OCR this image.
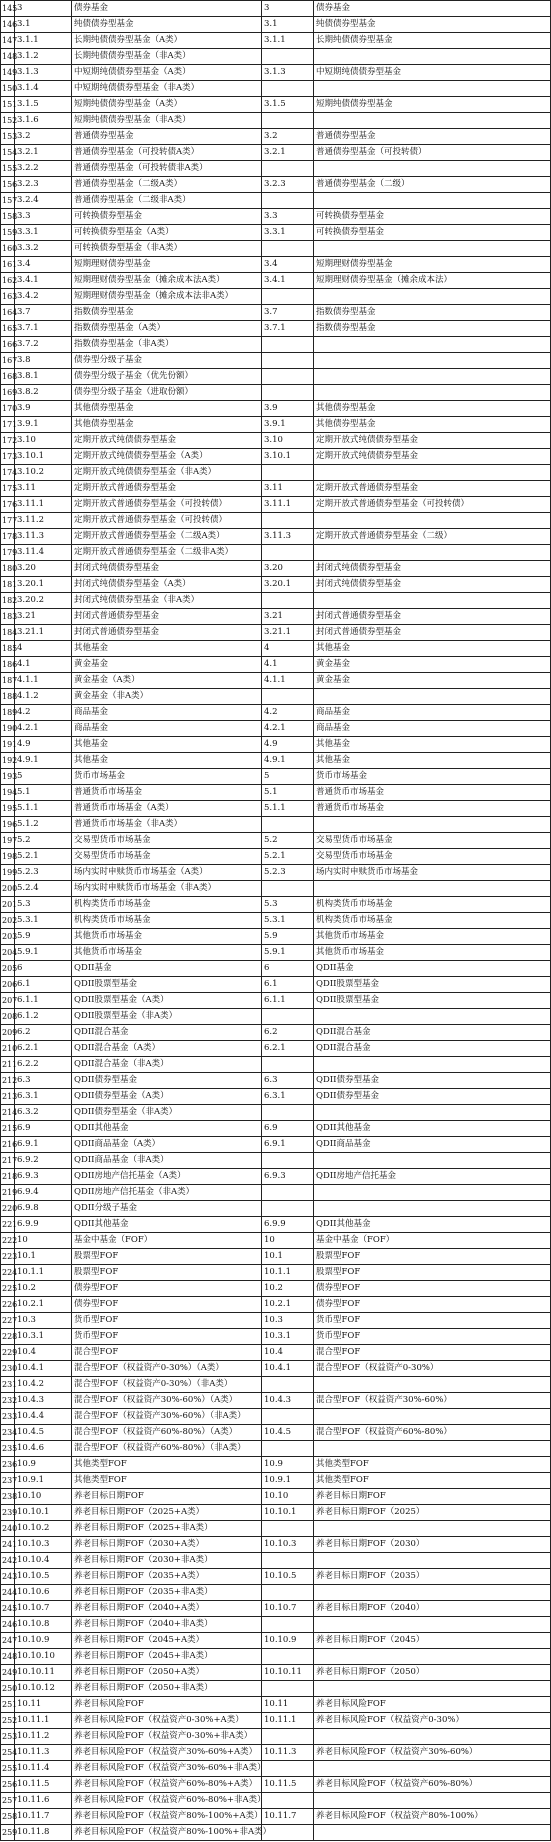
145	3	债券基金	3	债券基金
146	3.1	纯债债券型基金	3.1	纯债债券型基金
147	3.1.1	长期纯债债券型基金（A类）	3.1.1	长期纯债债券型基金
148	3.1.2	长期纯债债券型基金（非A类）		
149	3.1.3	中短期纯债债券型基金（A类）	3.1.3	中短期纯债债券型基金
150	3.1.4	中短期纯债债券型基金（非A类）		
151	3.1.5	短期纯债债券型基金（A类）	3.1.5	短期纯债债券型基金
152	3.1.6	短期纯债债券型基金（非A类）		
153	3.2	普通债券型基金	3.2	普通债券型基金
154	3.2.1	普通债券型基金（可投转债A类）	3.2.1	普通债券型基金（可投转债）
155	3.2.2	普通债券型基金（可投转债非A类）		
156	3.2.3	普通债券型基金（二级A类）	3.2.3	普通债券型基金（二级）
157	3.2.4	普通债券型基金（二级非A类）		
158	3.3	可转换债券型基金	3.3	可转换债券型基金
159	3.3.1	可转换债券型基金（A类）	3.3.1	可转换债券型基金
160	3.3.2	可转换债券型基金（非A类）		
161	3.4	短期理财债券型基金	3.4	短期理财债券型基金
162	3.4.1	短期理财债券型基金（摊余成本法A类）	3.4.1	短期理财债券型基金（摊余成本法）
163	3.4.2	短期理财债券型基金（摊余成本法非A类）		
164	3.7	指数债券型基金	3.7	指数债券型基金
165	3.7.1	指数债券型基金（A类）	3.7.1	指数债券型基金
166	3.7.2	指数债券型基金（非A类）		
167	3.8	债券型分级子基金		
168	3.8.1	债券型分级子基金（优先份额）		
169	3.8.2	债券型分级子基金（进取份额）		
170	3.9	其他债券型基金	3.9	其他债券型基金
171	3.9.1	其他债券型基金	3.9.1	其他债券型基金
172	3.10	定期开放式纯债债券型基金	3.10	定期开放式纯债债券型基金
173	3.10.1	定期开放式纯债债券型基金（A类）	3.10.1	定期开放式纯债债券型基金
174	3.10.2	定期开放式纯债债券型基金（非A类）		
175	3.11	定期开放式普通债券型基金	3.11	定期开放式普通债券型基金
176	3.11.1	定期开放式普通债券型基金（可投转债）	3.11.1	定期开放式普通债券型基金（可投转债）
177	3.11.2	定期开放式普通债券型基金（可投转债）		
178	3.11.3	定期开放式普通债券型基金（二级A类）	3.11.3	定期开放式普通债券型基金（二级）
179	3.11.4	定期开放式普通债券型基金（二级非A类）		
180	3.20	封闭式纯债债券型基金	3.20	封闭式纯债债券型基金
181	3.20.1	封闭式纯债债券型基金（A类）	3.20.1	封闭式纯债债券型基金
182	3.20.2	封闭式纯债债券型基金（非A类）		
183	3.21	封闭式普通债券型基金	3.21	封闭式普通债券型基金
184	3.21.1	封闭式普通债券型基金	3.21.1	封闭式普通债券型基金
185	4	其他基金	4	其他基金
186	4.1	黄金基金	4.1	黄金基金
187	4.1.1	黄金基金（A类）	4.1.1	黄金基金
188	4.1.2	黄金基金（非A类）		
189	4.2	商品基金	4.2	商品基金
190	4.2.1	商品基金	4.2.1	商品基金
191	4.9	其他基金	4.9	其他基金
192	4.9.1	其他基金	4.9.1	其他基金
193	5	货币市场基金	5	货币市场基金
194	5.1	普通货币市场基金	5.1	普通货币市场基金
195	5.1.1	普通货币市场基金（A类）	5.1.1	普通货币市场基金
196	5.1.2	普通货币市场基金（非A类）		
197	5.2	交易型货币市场基金	5.2	交易型货币市场基金
198	5.2.1	交易型货币市场基金	5.2.1	交易型货币市场基金
199	5.2.3	场内实时申赎货币市场基金（A类）	5.2.3	场内实时申赎货币市场基金
200	5.2.4	场内实时申赎货币市场基金（非A类）		
201	5.3	机构类货币市场基金	5.3	机构类货币市场基金
202	5.3.1	机构类货币市场基金	5.3.1	机构类货币市场基金
203	5.9	其他货币市场基金	5.9	其他货币市场基金
204	5.9.1	其他货币市场基金	5.9.1	其他货币市场基金
205	6	QDII基金	6	QDII基金
206	6.1	QDII股票型基金	6.1	QDII股票型基金
207	6.1.1	QDII股票型基金（A类）	6.1.1	QDII股票型基金
208	6.1.2	QDII股票型基金（非A类）		
209	6.2	QDII混合基金	6.2	QDII混合基金
210	6.2.1	QDII混合基金（A类）	6.2.1	QDII混合基金
211	6.2.2	QDII混合基金（非A类）		
212	6.3	QDII债券型基金	6.3	QDII债券型基金
213	6.3.1	QDII债券型基金（A类）	6.3.1	QDII债券型基金
214	6.3.2	QDII债券型基金（非A类）		
215	6.9	QDII其他基金	6.9	QDII其他基金
216	6.9.1	QDII商品基金（A类）	6.9.1	QDII商品基金
217	6.9.2	QDII商品基金（非A类）		
218	6.9.3	QDII房地产信托基金（A类）	6.9.3	QDII房地产信托基金
219	6.9.4	QDII房地产信托基金（非A类）		
220	6.9.8	QDII分级子基金		
221	6.9.9	QDII其他基金	6.9.9	QDII其他基金
222	10	基金中基金（FOF）	10	基金中基金（FOF）
223	10.1	股票型FOF	10.1	股票型FOF
224	10.1.1	股票型FOF	10.1.1	股票型FOF
225	10.2	债券型FOF	10.2	债券型FOF
226	10.2.1	债券型FOF	10.2.1	债券型FOF
227	10.3	货币型FOF	10.3	货币型FOF
228	10.3.1	货币型FOF	10.3.1	货币型FOF
229	10.4	混合型FOF	10.4	混合型FOF
230	10.4.1	混合型FOF（权益资产0-30%）（A类）	10.4.1	混合型FOF（权益资产0-30%）
231	10.4.2	混合型FOF（权益资产0-30%）（非A类）		
232	10.4.3	混合型FOF（权益资产30%-60%）（A类）	10.4.3	混合型FOF（权益资产30%-60%）
233	10.4.4	混合型FOF（权益资产30%-60%）（非A类）		
234	10.4.5	混合型FOF（权益资产60%-80%）（A类）	10.4.5	混合型FOF（权益资产60%-80%）
235	10.4.6	混合型FOF（权益资产60%-80%）（非A类）		
236	10.9	其他类型FOF	10.9	其他类型FOF
237	10.9.1	其他类型FOF	10.9.1	其他类型FOF
238	10.10	养老目标日期FOF	10.10	养老目标日期FOF
239	10.10.1	养老目标日期FOF（2025+A类）	10.10.1	养老目标日期FOF（2025）
240	10.10.2	养老目标日期FOF（2025+非A类）		
241	10.10.3	养老目标日期FOF（2030+A类）	10.10.3	养老目标日期FOF（2030）
242	10.10.4	养老目标日期FOF（2030+非A类）		
243	10.10.5	养老目标日期FOF（2035+A类）	10.10.5	养老目标日期FOF（2035）
244	10.10.6	养老目标日期FOF（2035+非A类）		
245	10.10.7	养老目标日期FOF（2040+A类）	10.10.7	养老目标日期FOF（2040）
246	10.10.8	养老目标日期FOF（2040+非A类）		
247	10.10.9	养老目标日期FOF（2045+A类）	10.10.9	养老目标日期FOF（2045）
248	10.10.10	养老目标日期FOF（2045+非A类）		
249	10.10.11	养老目标日期FOF（2050+A类）	10.10.11	养老目标日期FOF（2050）
250	10.10.12	养老目标日期FOF（2050+非A类）		
251	10.11	养老目标风险FOF	10.11	养老目标风险FOF
252	10.11.1	养老目标风险FOF（权益资产0-30%+A类）	10.11.1	养老目标风险FOF（权益资产0-30%）
253	10.11.2	养老目标风险FOF（权益资产0-30%+非A类）		
254	10.11.3	养老目标风险FOF（权益资产30%-60%+A类）	10.11.3	养老目标风险FOF（权益资产30%-60%）
255	10.11.4	养老目标风险FOF（权益资产30%-60%+非A类）		
256	10.11.5	养老目标风险FOF（权益资产60%-80%+A类）	10.11.5	养老目标风险FOF（权益资产60%-80%）
257	10.11.6	养老目标风险FOF（权益资产60%-80%+非A类）		
258	10.11.7	养老目标风险FOF（权益资产80%-100%+A类）	10.11.7	养老目标风险FOF（权益资产80%-100%）
259	10.11.8	养老目标风险FOF（权益资产80%-100%+非A类）		
